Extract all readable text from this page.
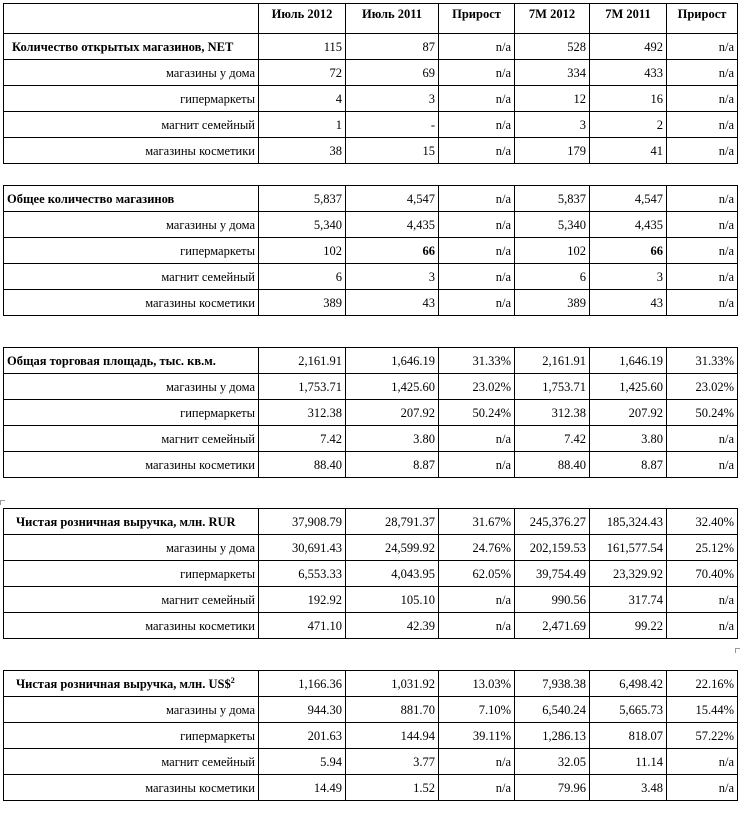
	Июль 2012	Июль 2011	Прирост	7M 2012	7M 2011	Прирост
Количество открытых магазинов, NET	115	87	n/a	528	492	n/a
магазины у дома	72	69	n/a	334	433	n/a
гипермаркеты	4	3	n/a	12	16	n/a
магнит семейный	1	-	n/a	3	2	n/a
магазины косметики	38	15	n/a	179	41	n/a
Общее количество магазинов	5,837	4,547	n/a	5,837	4,547	n/a
магазины у дома	5,340	4,435	n/a	5,340	4,435	n/a
гипермаркеты	102	66	n/a	102	66	n/a
магнит семейный	6	3	n/a	6	3	n/a
магазины косметики	389	43	n/a	389	43	n/a
Общая торговая площадь, тыс. кв.м.	2,161.91	1,646.19	31.33%	2,161.91	1,646.19	31.33%
магазины у дома	1,753.71	1,425.60	23.02%	1,753.71	1,425.60	23.02%
гипермаркеты	312.38	207.92	50.24%	312.38	207.92	50.24%
магнит семейный	7.42	3.80	n/a	7.42	3.80	n/a
магазины косметики	88.40	8.87	n/a	88.40	8.87	n/a
Чистая розничная выручка, млн. RUR	37,908.79	28,791.37	31.67%	245,376.27	185,324.43	32.40%
магазины у дома	30,691.43	24,599.92	24.76%	202,159.53	161,577.54	25.12%
гипермаркеты	6,553.33	4,043.95	62.05%	39,754.49	23,329.92	70.40%
магнит семейный	192.92	105.10	n/a	990.56	317.74	n/a
магазины косметики	471.10	42.39	n/a	2,471.69	99.22	n/a
Чистая розничная выручка, млн. US\$$^2$	1,166.36	1,031.92	13.03%	7,938.38	6,498.42	22.16%
магазины у дома	944.30	881.70	7.10%	6,540.24	5,665.73	15.44%
гипермаркеты	201.63	144.94	39.11%	1,286.13	818.07	57.22%
магнит семейный	5.94	3.77	n/a	32.05	11.14	n/a
магазины косметики	14.49	1.52	n/a	79.96	3.48	n/a
